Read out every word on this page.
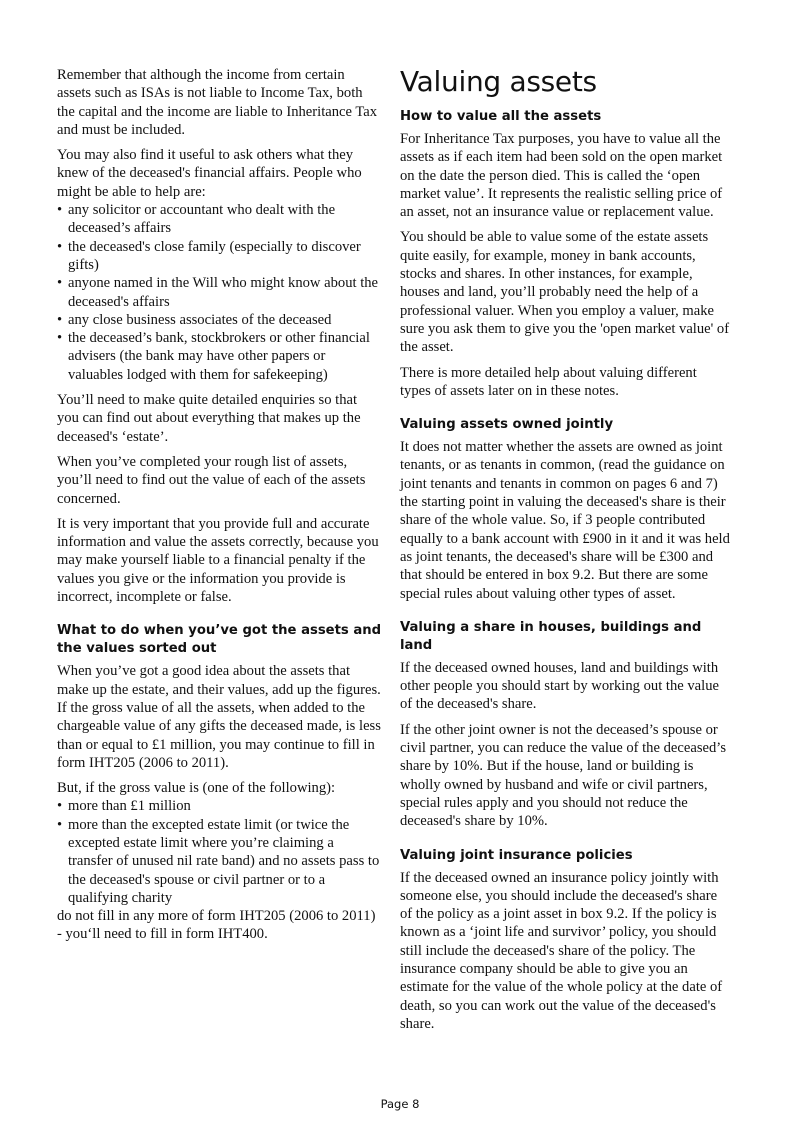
Remember that although the income from certain assets such as ISAs is not liable to Income Tax, both the capital and the income are liable to Inheritance Tax and must be included.

You may also find it useful to ask others what they knew of the deceased's financial affairs. People who might be able to help are:

• any solicitor or accountant who dealt with the deceased’s affairs
• the deceased's close family (especially to discover gifts)
• anyone named in the Will who might know about the deceased's affairs
• any close business associates of the deceased
• the deceased’s bank, stockbrokers or other financial advisers (the bank may have other papers or valuables lodged with them for safekeeping)

You’ll need to make quite detailed enquiries so that you can find out about everything that makes up the deceased's ‘estate’.

When you’ve completed your rough list of assets, you’ll need to find out the value of each of the assets concerned.

It is very important that you provide full and accurate information and value the assets correctly, because you may make yourself liable to a financial penalty if the values you give or the information you provide is incorrect, incomplete or false.

What to do when you’ve got the assets and the values sorted out

When you’ve got a good idea about the assets that make up the estate, and their values, add up the figures. If the gross value of all the assets, when added to the chargeable value of any gifts the deceased made, is less than or equal to £1 million, you may continue to fill in form IHT205 (2006 to 2011).

But, if the gross value is (one of the following):

• more than £1 million
• more than the excepted estate limit (or twice the excepted estate limit where you’re claiming a transfer of unused nil rate band) and no assets pass to the deceased's spouse or civil partner or to a qualifying charity

do not fill in any more of form IHT205 (2006 to 2011) - you‘ll need to fill in form IHT400.

Valuing assets
How to value all the assets

For Inheritance Tax purposes, you have to value all the assets as if each item had been sold on the open market on the date the person died. This is called the ‘open market value’. It represents the realistic selling price of an asset, not an insurance value or replacement value.

You should be able to value some of the estate assets quite easily, for example, money in bank accounts, stocks and shares. In other instances, for example, houses and land, you’ll probably need the help of a professional valuer. When you employ a valuer, make sure you ask them to give you the 'open market value' of the asset.

There is more detailed help about valuing different types of assets later on in these notes.

Valuing assets owned jointly

It does not matter whether the assets are owned as joint tenants, or as tenants in common, (read the guidance on joint tenants and tenants in common on pages 6 and 7) the starting point in valuing the deceased's share is their share of the whole value. So, if 3 people contributed equally to a bank account with £900 in it and it was held as joint tenants, the deceased's share will be £300 and that should be entered in box 9.2. But there are some special rules about valuing other types of asset.

Valuing a share in houses, buildings and land

If the deceased owned houses, land and buildings with other people you should start by working out the value of the deceased's share.

If the other joint owner is not the deceased’s spouse or civil partner, you can reduce the value of the deceased’s share by 10%. But if the house, land or building is wholly owned by husband and wife or civil partners, special rules apply and you should not reduce the deceased's share by 10%.

Valuing joint insurance policies

If the deceased owned an insurance policy jointly with someone else, you should include the deceased's share of the policy as a joint asset in box 9.2. If the policy is known as a ‘joint life and survivor’ policy, you should still include the deceased's share of the policy. The insurance company should be able to give you an estimate for the value of the whole policy at the date of death, so you can work out the value of the deceased's share.

Page 8
